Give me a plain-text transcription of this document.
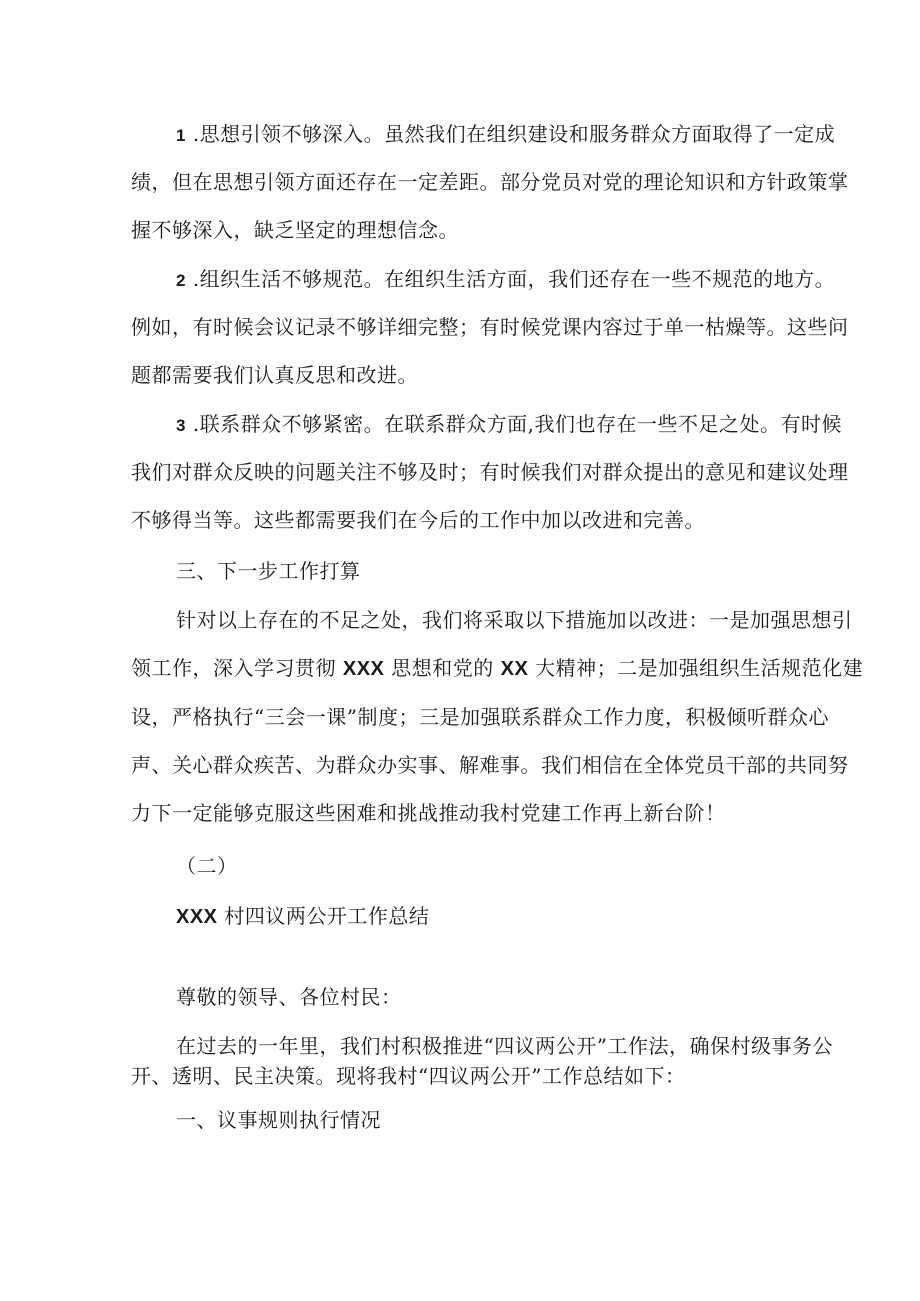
1 .思想引领不够深入。虽然我们在组织建设和服务群众方面取得了一定成
绩，但在思想引领方面还存在一定差距。部分党员对党的理论知识和方针政策掌
握不够深入，缺乏坚定的理想信念。
2 .组织生活不够规范。在组织生活方面，我们还存在一些不规范的地方。
例如，有时候会议记录不够详细完整；有时候党课内容过于单一枯燥等。这些问
题都需要我们认真反思和改进。
3 .联系群众不够紧密。在联系群众方面,我们也存在一些不足之处。有时候
我们对群众反映的问题关注不够及时；有时候我们对群众提出的意见和建议处理
不够得当等。这些都需要我们在今后的工作中加以改进和完善。
三、下一步工作打算
针对以上存在的不足之处，我们将采取以下措施加以改进：一是加强思想引
领工作，深入学习贯彻 XXX 思想和党的 XX 大精神；二是加强组织生活规范化建
设，严格执行“三会一课”制度；三是加强联系群众工作力度，积极倾听群众心
声、关心群众疾苦、为群众办实事、解难事。我们相信在全体党员干部的共同努
力下一定能够克服这些困难和挑战推动我村党建工作再上新台阶！
（二）
XXX 村四议两公开工作总结
尊敬的领导、各位村民：
在过去的一年里，我们村积极推进“四议两公开”工作法，确保村级事务公
开、透明、民主决策。现将我村“四议两公开”工作总结如下：
一、议事规则执行情况
